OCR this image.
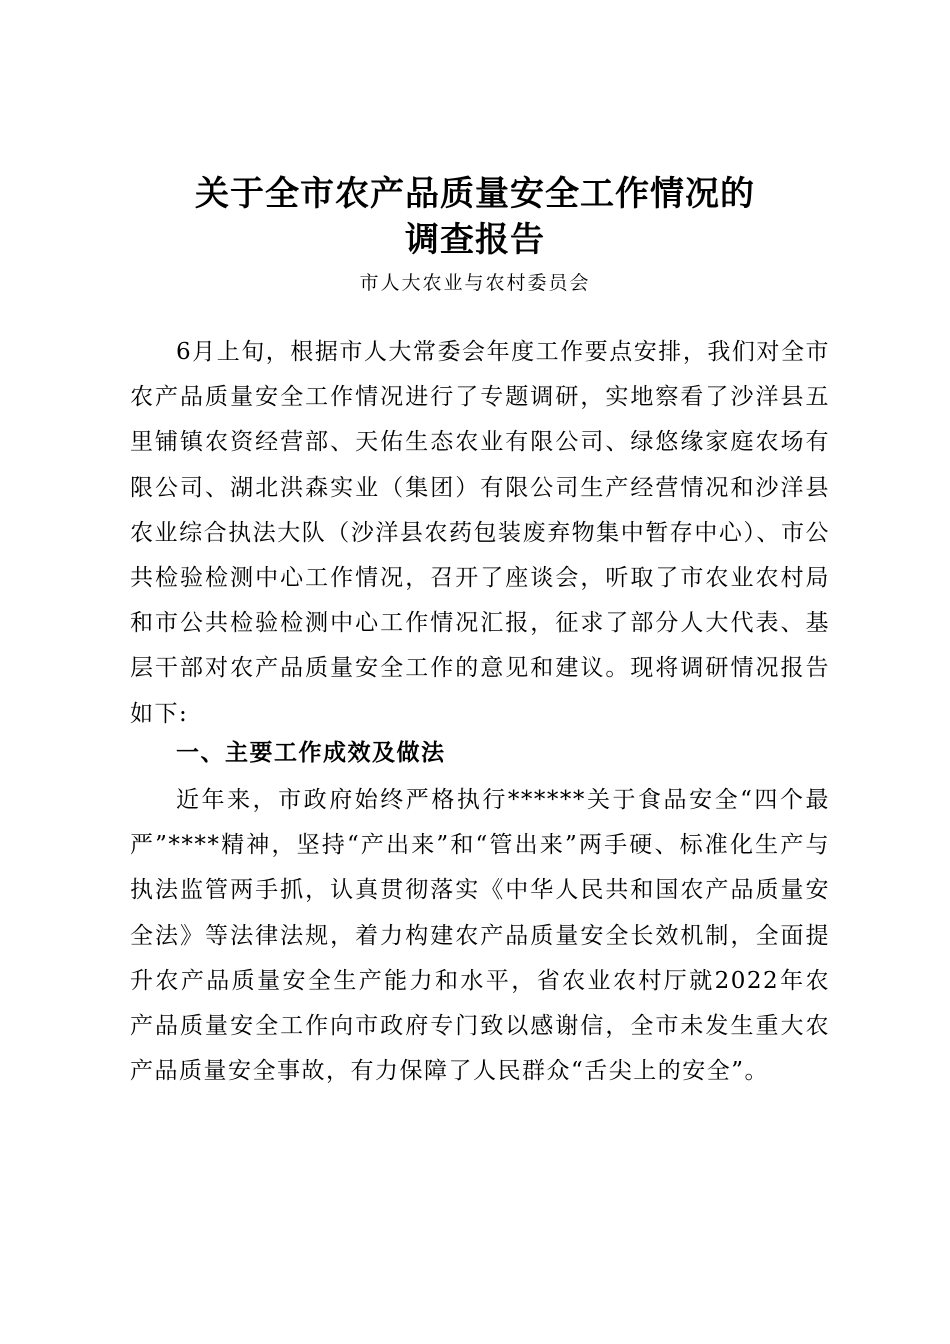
关于全市农产品质量安全工作情况的
调查报告
市人大农业与农村委员会

6月上旬，根据市人大常委会年度工作要点安排，我们对全市农产品质量安全工作情况进行了专题调研，实地察看了沙洋县五里铺镇农资经营部、天佑生态农业有限公司、绿悠缘家庭农场有限公司、湖北洪森实业（集团）有限公司生产经营情况和沙洋县农业综合执法大队（沙洋县农药包装废弃物集中暂存中心）、市公共检验检测中心工作情况，召开了座谈会，听取了市农业农村局和市公共检验检测中心工作情况汇报，征求了部分人大代表、基层干部对农产品质量安全工作的意见和建议。现将调研情况报告如下:

一、主要工作成效及做法

近年来，市政府始终严格执行******关于食品安全“四个最严”****精神，坚持“产出来”和“管出来”两手硬、标准化生产与执法监管两手抓，认真贯彻落实《中华人民共和国农产品质量安全法》等法律法规，着力构建农产品质量安全长效机制，全面提升农产品质量安全生产能力和水平，省农业农村厅就2022年农产品质量安全工作向市政府专门致以感谢信，全市未发生重大农产品质量安全事故，有力保障了人民群众“舌尖上的安全”。
